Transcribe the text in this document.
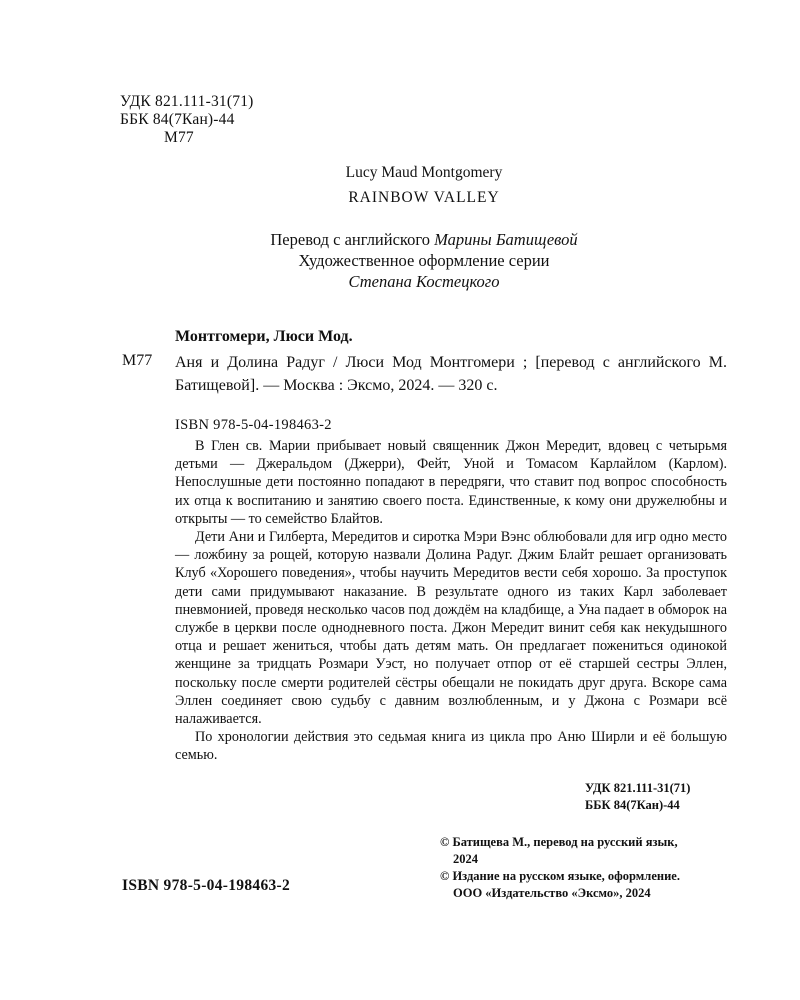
УДК 821.111-31(71)
ББК 84(7Кан)-44
М77
Lucy Maud Montgomery
RAINBOW VALLEY
Перевод с английского Марины Батищевой
Художественное оформление серии
Степана Костецкого
Монтгомери, Люси Мод.
М77 Аня и Долина Радуг / Люси Мод Монтгомери ; [перевод с английского М. Батищевой]. — Москва : Эксмо, 2024. — 320 с.
ISBN 978-5-04-198463-2

В Глен св. Марии прибывает новый священник Джон Мередит, вдовец с четырьмя детьми — Джеральдом (Джерри), Фейт, Уной и Томасом Карлайлом (Карлом). Непослушные дети постоянно попадают в передряги, что ставит под вопрос способность их отца к воспитанию и занятию своего поста. Единственные, к кому они дружелюбны и открыты — то семейство Блайтов.

Дети Ани и Гилберта, Мередитов и сиротка Мэри Вэнс облюбовали для игр одно место — ложбину за рощей, которую назвали Долина Радуг. Джим Блайт решает организовать Клуб «Хорошего поведения», чтобы научить Мередитов вести себя хорошо. За проступок дети сами придумывают наказание. В результате одного из таких Карл заболевает пневмонией, проведя несколько часов под дождём на кладбище, а Уна падает в обморок на службе в церкви после однодневного поста. Джон Мередит винит себя как некудышного отца и решает жениться, чтобы дать детям мать. Он предлагает пожениться одинокой женщине за тридцать Розмари Уэст, но получает отпор от её старшей сестры Эллен, поскольку после смерти родителей сёстры обещали не покидать друг друга. Вскоре сама Эллен соединяет свою судьбу с давним возлюбленным, и у Джона с Розмари всё налаживается.

По хронологии действия это седьмая книга из цикла про Аню Ширли и её большую семью.

УДК 821.111-31(71)
ББК 84(7Кан)-44
© Батищева М., перевод на русский язык,
2024
© Издание на русском языке, оформление.
ООО «Издательство «Эксмо», 2024
ISBN 978-5-04-198463-2
